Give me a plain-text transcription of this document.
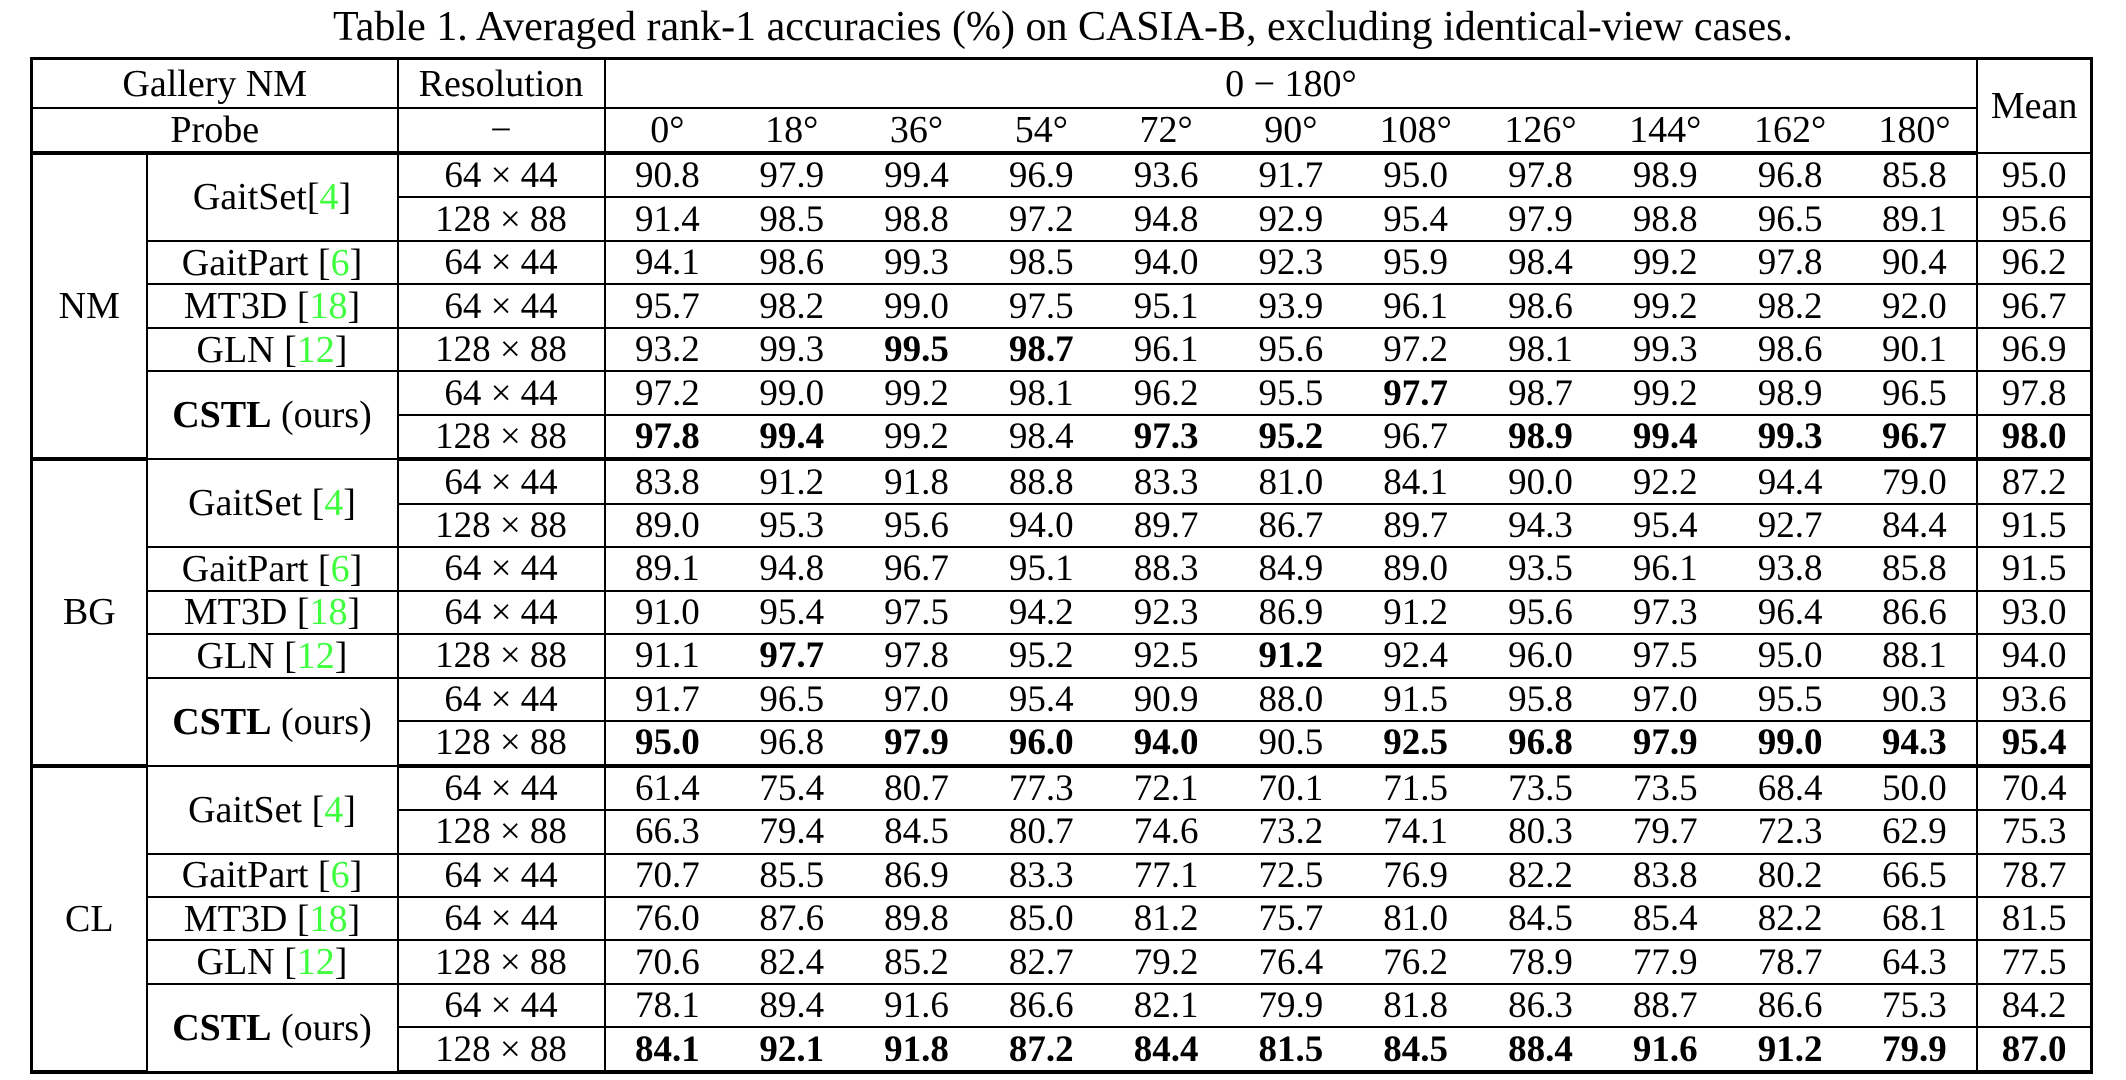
Table 1. Averaged rank-1 accuracies (%) on CASIA-B, excluding identical-view cases.
Gallery NM		Resolution	0 − 180°											Mean
Probe		−	0°	18°	36°	54°	72°	90°	108°	126°	144°	162°	180°	
NM	GaitSet[4]	64 × 44	90.8	97.9	99.4	96.9	93.6	91.7	95.0	97.8	98.9	96.8	85.8	95.0
		128 × 88	91.4	98.5	98.8	97.2	94.8	92.9	95.4	97.9	98.8	96.5	89.1	95.6
	GaitPart [6]	64 × 44	94.1	98.6	99.3	98.5	94.0	92.3	95.9	98.4	99.2	97.8	90.4	96.2
	MT3D [18]	64 × 44	95.7	98.2	99.0	97.5	95.1	93.9	96.1	98.6	99.2	98.2	92.0	96.7
	GLN [12]	128 × 88	93.2	99.3	99.5	98.7	96.1	95.6	97.2	98.1	99.3	98.6	90.1	96.9
	CSTL (ours)	64 × 44	97.2	99.0	99.2	98.1	96.2	95.5	97.7	98.7	99.2	98.9	96.5	97.8
		128 × 88	97.8	99.4	99.2	98.4	97.3	95.2	96.7	98.9	99.4	99.3	96.7	98.0
BG	GaitSet [4]	64 × 44	83.8	91.2	91.8	88.8	83.3	81.0	84.1	90.0	92.2	94.4	79.0	87.2
		128 × 88	89.0	95.3	95.6	94.0	89.7	86.7	89.7	94.3	95.4	92.7	84.4	91.5
	GaitPart [6]	64 × 44	89.1	94.8	96.7	95.1	88.3	84.9	89.0	93.5	96.1	93.8	85.8	91.5
	MT3D [18]	64 × 44	91.0	95.4	97.5	94.2	92.3	86.9	91.2	95.6	97.3	96.4	86.6	93.0
	GLN [12]	128 × 88	91.1	97.7	97.8	95.2	92.5	91.2	92.4	96.0	97.5	95.0	88.1	94.0
	CSTL (ours)	64 × 44	91.7	96.5	97.0	95.4	90.9	88.0	91.5	95.8	97.0	95.5	90.3	93.6
		128 × 88	95.0	96.8	97.9	96.0	94.0	90.5	92.5	96.8	97.9	99.0	94.3	95.4
CL	GaitSet [4]	64 × 44	61.4	75.4	80.7	77.3	72.1	70.1	71.5	73.5	73.5	68.4	50.0	70.4
		128 × 88	66.3	79.4	84.5	80.7	74.6	73.2	74.1	80.3	79.7	72.3	62.9	75.3
	GaitPart [6]	64 × 44	70.7	85.5	86.9	83.3	77.1	72.5	76.9	82.2	83.8	80.2	66.5	78.7
	MT3D [18]	64 × 44	76.0	87.6	89.8	85.0	81.2	75.7	81.0	84.5	85.4	82.2	68.1	81.5
	GLN [12]	128 × 88	70.6	82.4	85.2	82.7	79.2	76.4	76.2	78.9	77.9	78.7	64.3	77.5
	CSTL (ours)	64 × 44	78.1	89.4	91.6	86.6	82.1	79.9	81.8	86.3	88.7	86.6	75.3	84.2
		128 × 88	84.1	92.1	91.8	87.2	84.4	81.5	84.5	88.4	91.6	91.2	79.9	87.0
